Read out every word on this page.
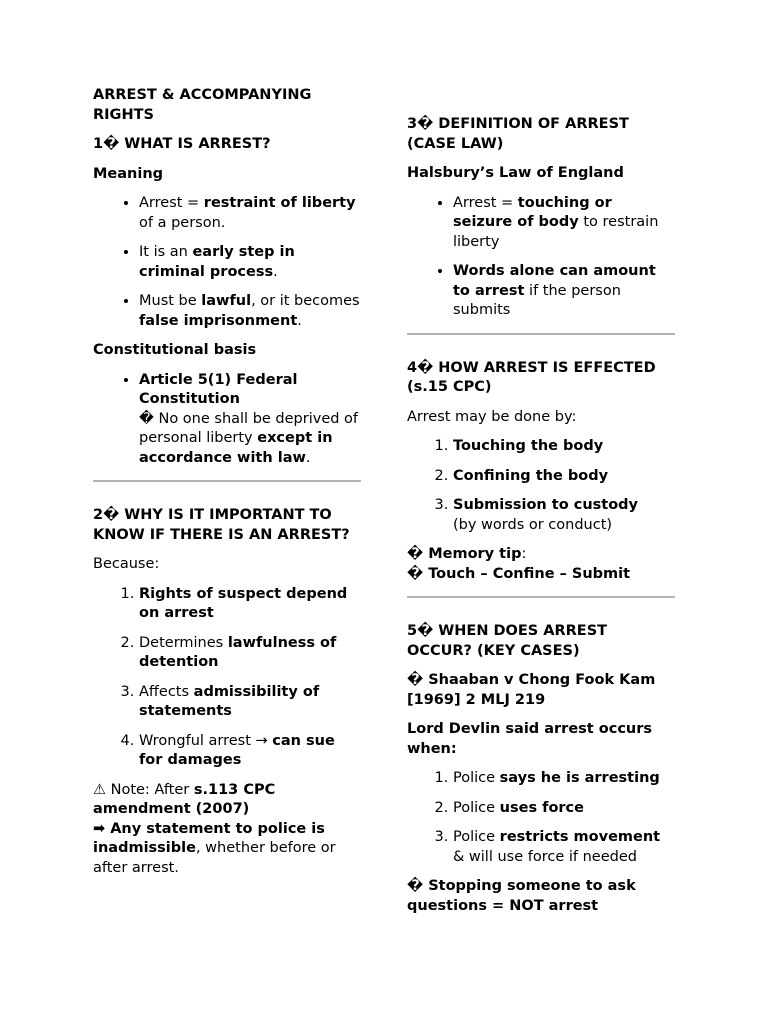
ARREST & ACCOMPANYING RIGHTS
1� WHAT IS ARREST?

Meaning

• Arrest = restraint of liberty of a person.
• It is an early step in criminal process.
• Must be lawful, or it becomes false imprisonment.

Constitutional basis

• Article 5(1) Federal Constitution
� No one shall be deprived of personal liberty except in accordance with law.
2� WHY IS IT IMPORTANT TO KNOW IF THERE IS AN ARREST?

Because:

1. Rights of suspect depend on arrest
2. Determines lawfulness of detention
3. Affects admissibility of statements
4. Wrongful arrest → can sue for damages

⚠ Note: After s.113 CPC amendment (2007)
➡ Any statement to police is inadmissible, whether before or after arrest.

3� DEFINITION OF ARREST (CASE LAW)

Halsbury’s Law of England

• Arrest = touching or seizure of body to restrain liberty
• Words alone can amount to arrest if the person submits
4� HOW ARREST IS EFFECTED (s.15 CPC)

Arrest may be done by:

1. Touching the body
2. Confining the body
3. Submission to custody
(by words or conduct)

� Memory tip:
� Touch – Confine – Submit

5� WHEN DOES ARREST OCCUR? (KEY CASES)

� Shaaban v Chong Fook Kam [1969] 2 MLJ 219

Lord Devlin said arrest occurs when:

1. Police says he is arresting
2. Police uses force
3. Police restricts movement & will use force if needed

� Stopping someone to ask questions = NOT arrest
